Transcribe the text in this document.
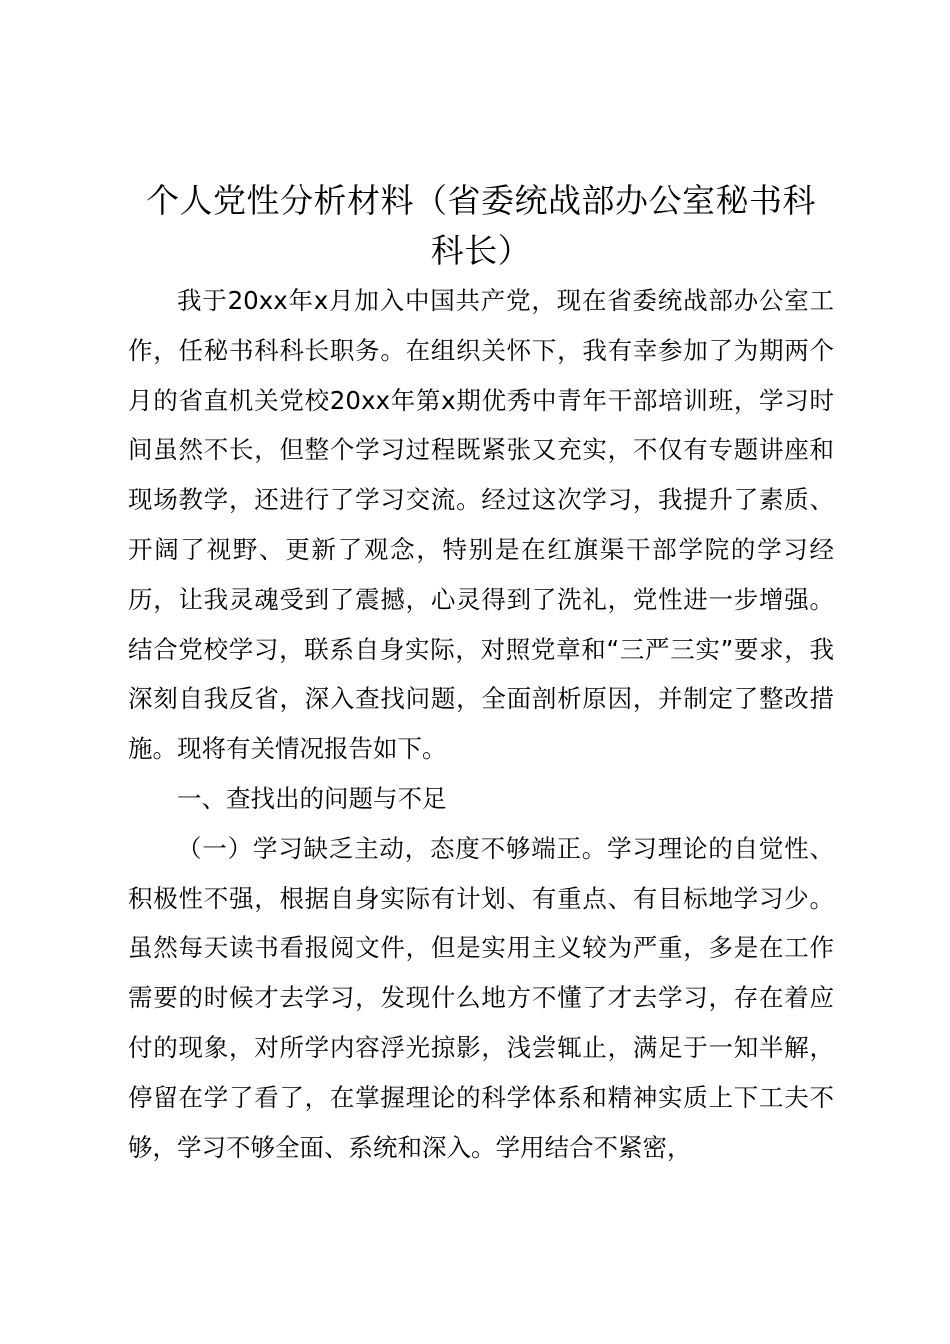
个人党性分析材料（省委统战部办公室秘书科
科长）

我于20xx年x月加入中国共产党，现在省委统战部办公室工作，任秘书科科长职务。在组织关怀下，我有幸参加了为期两个月的省直机关党校20xx年第x期优秀中青年干部培训班，学习时间虽然不长，但整个学习过程既紧张又充实，不仅有专题讲座和现场教学，还进行了学习交流。经过这次学习，我提升了素质、开阔了视野、更新了观念，特别是在红旗渠干部学院的学习经历，让我灵魂受到了震撼，心灵得到了洗礼，党性进一步增强。结合党校学习，联系自身实际，对照党章和“三严三实”要求，我深刻自我反省，深入查找问题，全面剖析原因，并制定了整改措施。现将有关情况报告如下。

一、查找出的问题与不足

（一）学习缺乏主动，态度不够端正。学习理论的自觉性、积极性不强，根据自身实际有计划、有重点、有目标地学习少。虽然每天读书看报阅文件，但是实用主义较为严重，多是在工作需要的时候才去学习，发现什么地方不懂了才去学习，存在着应付的现象，对所学内容浮光掠影，浅尝辄止，满足于一知半解，停留在学了看了，在掌握理论的科学体系和精神实质上下工夫不够，学习不够全面、系统和深入。学用结合不紧密，
